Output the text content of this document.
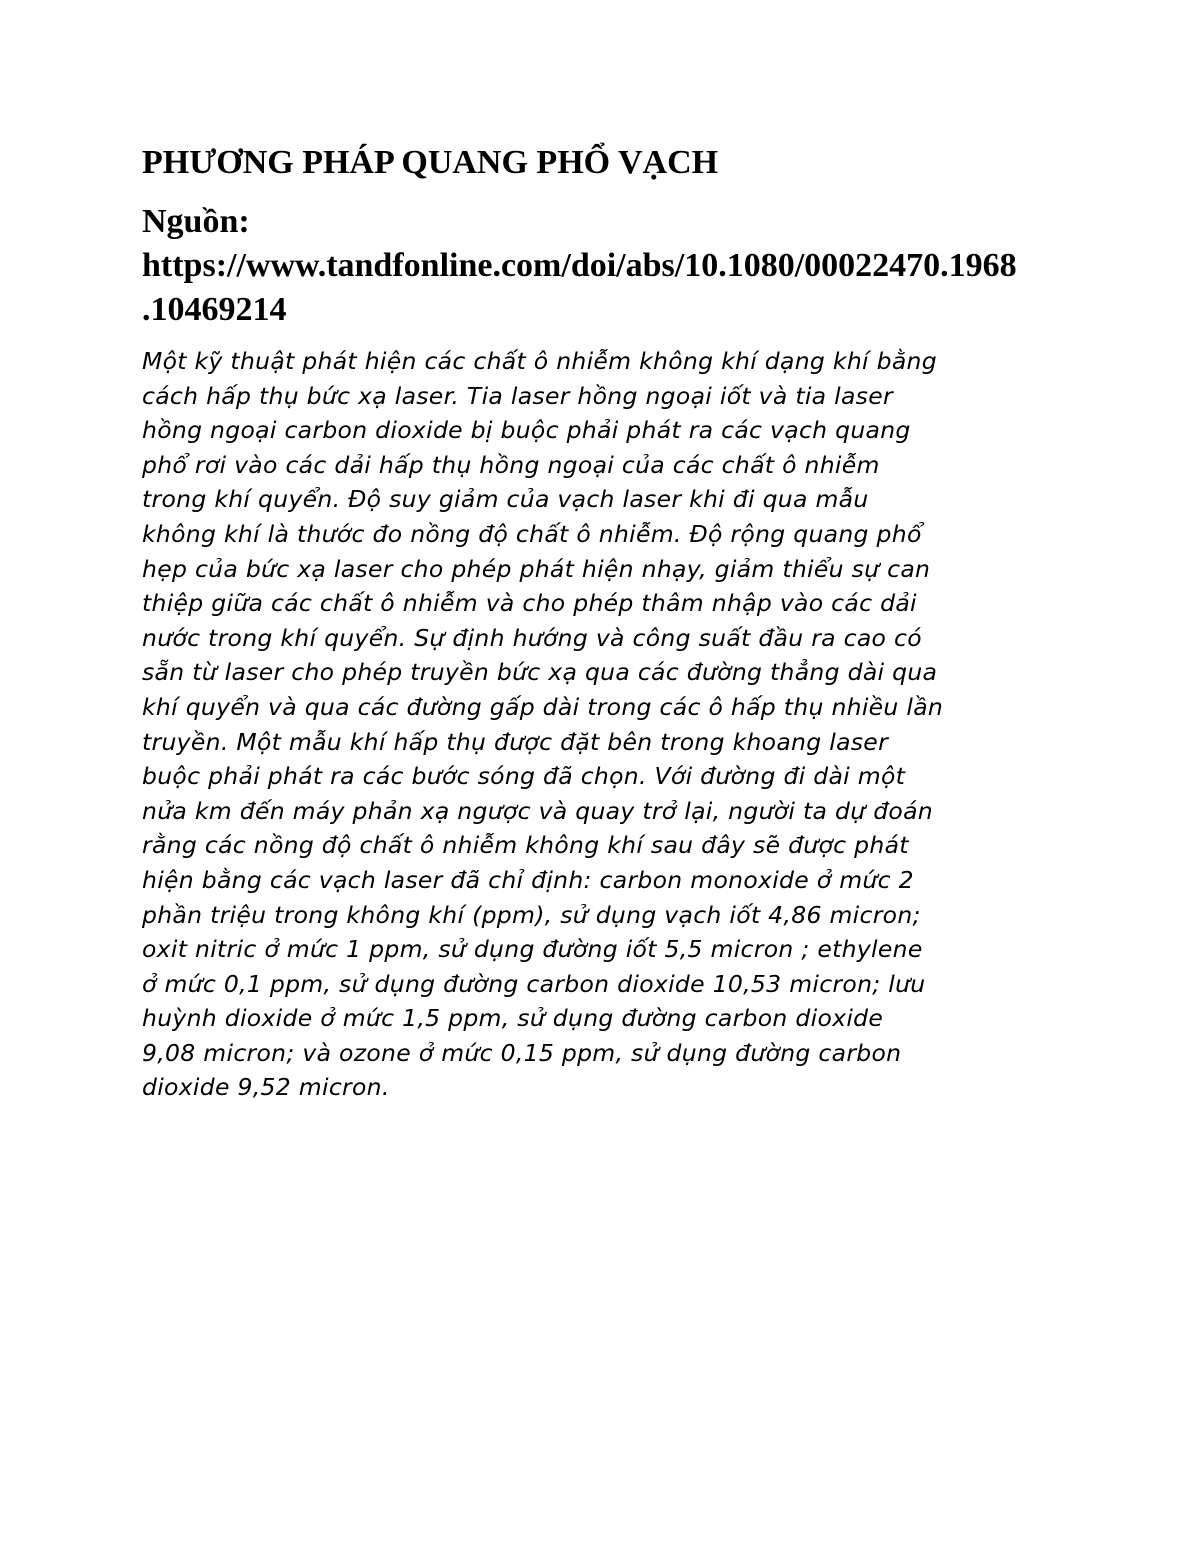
PHƯƠNG PHÁP QUANG PHỔ VẠCH
Nguồn:
https://www.tandfonline.com/doi/abs/10.1080/00022470.1968
.10469214

Một kỹ thuật phát hiện các chất ô nhiễm không khí dạng khí bằng
cách hấp thụ bức xạ laser. Tia laser hồng ngoại iốt và tia laser
hồng ngoại carbon dioxide bị buộc phải phát ra các vạch quang
phổ rơi vào các dải hấp thụ hồng ngoại của các chất ô nhiễm
trong khí quyển. Độ suy giảm của vạch laser khi đi qua mẫu
không khí là thước đo nồng độ chất ô nhiễm. Độ rộng quang phổ
hẹp của bức xạ laser cho phép phát hiện nhạy, giảm thiểu sự can
thiệp giữa các chất ô nhiễm và cho phép thâm nhập vào các dải
nước trong khí quyển. Sự định hướng và công suất đầu ra cao có
sẵn từ laser cho phép truyền bức xạ qua các đường thẳng dài qua
khí quyển và qua các đường gấp dài trong các ô hấp thụ nhiều lần
truyền. Một mẫu khí hấp thụ được đặt bên trong khoang laser
buộc phải phát ra các bước sóng đã chọn. Với đường đi dài một
nửa km đến máy phản xạ ngược và quay trở lại, người ta dự đoán
rằng các nồng độ chất ô nhiễm không khí sau đây sẽ được phát
hiện bằng các vạch laser đã chỉ định: carbon monoxide ở mức 2
phần triệu trong không khí (ppm), sử dụng vạch iốt 4,86 micron;
oxit nitric ở mức 1 ppm, sử dụng đường iốt 5,5 micron ; ethylene
ở mức 0,1 ppm, sử dụng đường carbon dioxide 10,53 micron; lưu
huỳnh dioxide ở mức 1,5 ppm, sử dụng đường carbon dioxide
9,08 micron; và ozone ở mức 0,15 ppm, sử dụng đường carbon
dioxide 9,52 micron.
